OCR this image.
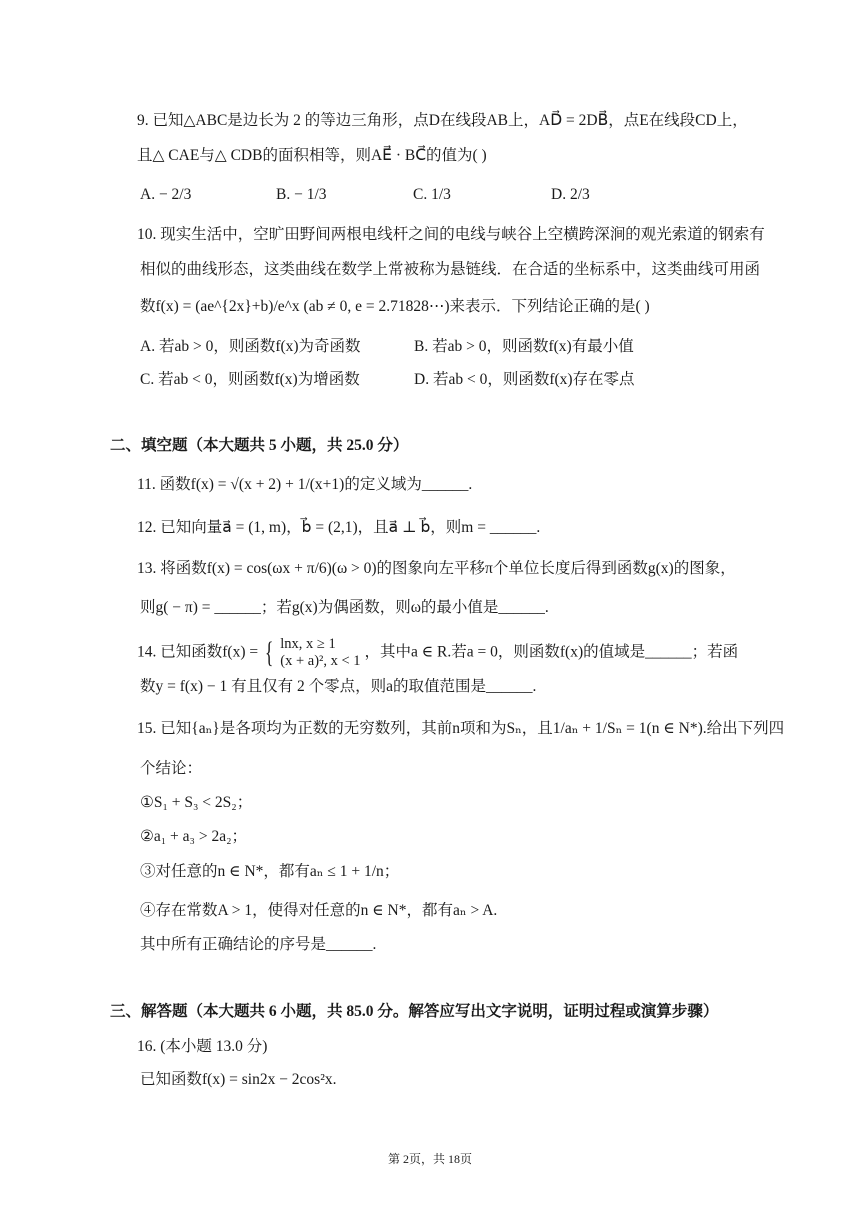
9. 已知△ABC是边长为 2 的等边三角形，点D在线段AB上，AD⃗ = 2DB⃗，点E在线段CD上，
且△ CAE与△ CDB的面积相等，则AE⃗ · BC⃗的值为( )
A. − 2/3	B. − 1/3	C. 1/3	D. 2/3
10. 现实生活中，空旷田野间两根电线杆之间的电线与峡谷上空横跨深涧的观光索道的钢索有
相似的曲线形态，这类曲线在数学上常被称为悬链线．在合适的坐标系中，这类曲线可用函
数f(x) = (ae^{2x}+b)/e^x (ab ≠ 0, e = 2.71828⋯)来表示．下列结论正确的是( )
A. 若ab > 0，则函数f(x)为奇函数	B. 若ab > 0，则函数f(x)有最小值
C. 若ab < 0，则函数f(x)为增函数	D. 若ab < 0，则函数f(x)存在零点
二、填空题（本大题共 5 小题，共 25.0 分）
11. 函数f(x) = √(x + 2) + 1/(x+1)的定义域为______.
12. 已知向量a⃗ = (1, m)，b⃗ = (2,1)，且a⃗ ⊥ b⃗，则m = ______.
13. 将函数f(x) = cos(ωx + π/6)(ω > 0)的图象向左平移π个单位长度后得到函数g(x)的图象，
则g( − π) = ______；若g(x)为偶函数，则ω的最小值是______.
14. 已知函数f(x) = { lnx, x ≥ 1
(x + a)², x < 1
，其中a ∈ R.若a = 0，则函数f(x)的值域是______；若函
数y = f(x) − 1 有且仅有 2 个零点，则a的取值范围是______.
15. 已知{aₙ}是各项均为正数的无穷数列，其前n项和为Sₙ，且1/aₙ + 1/Sₙ = 1(n ∈ N*).给出下列四
个结论：
①S₁ + S₃ < 2S₂；
②a₁ + a₃ > 2a₂；
③对任意的n ∈ N*，都有aₙ ≤ 1 + 1/n；
④存在常数A > 1，使得对任意的n ∈ N*，都有aₙ > A.
其中所有正确结论的序号是______.
三、解答题（本大题共 6 小题，共 85.0 分。解答应写出文字说明，证明过程或演算步骤）
16. (本小题 13.0 分)
已知函数f(x) = sin2x − 2cos²x.
第 2页，共 18页
